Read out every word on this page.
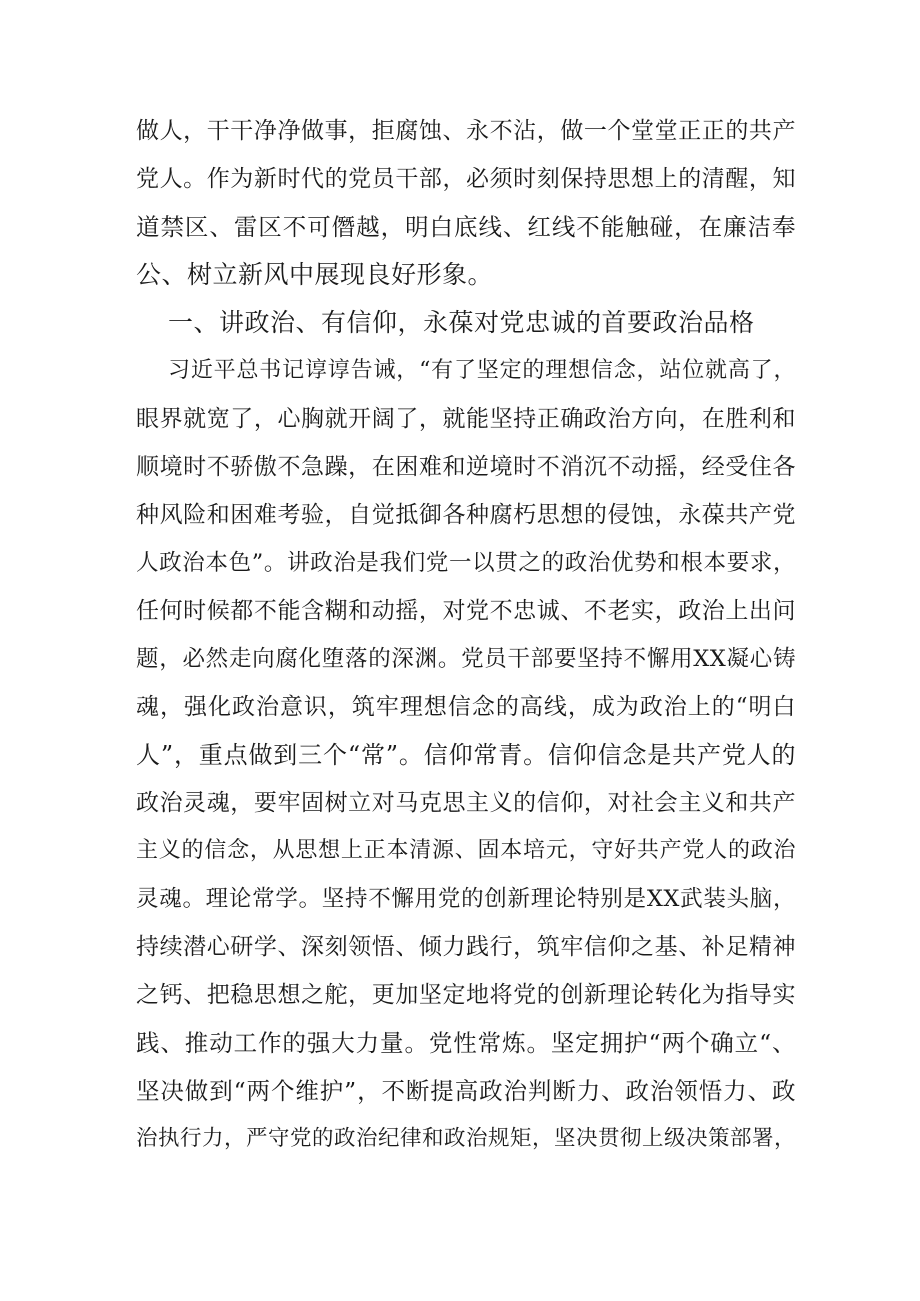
做人，干干净净做事，拒腐蚀、永不沾，做一个堂堂正正的共产
党人。作为新时代的党员干部，必须时刻保持思想上的清醒，知
道禁区、雷区不可僭越，明白底线、红线不能触碰，在廉洁奉
公、树立新风中展现良好形象。
一、讲政治、有信仰，永葆对党忠诚的首要政治品格
习近平总书记谆谆告诫，“有了坚定的理想信念，站位就高了，
眼界就宽了，心胸就开阔了，就能坚持正确政治方向，在胜利和
顺境时不骄傲不急躁，在困难和逆境时不消沉不动摇，经受住各
种风险和困难考验，自觉抵御各种腐朽思想的侵蚀，永葆共产党
人政治本色”。讲政治是我们党一以贯之的政治优势和根本要求，
任何时候都不能含糊和动摇，对党不忠诚、不老实，政治上出问
题，必然走向腐化堕落的深渊。党员干部要坚持不懈用XX凝心铸
魂，强化政治意识，筑牢理想信念的高线，成为政治上的“明白
人”，重点做到三个“常”。信仰常青。信仰信念是共产党人的
政治灵魂，要牢固树立对马克思主义的信仰，对社会主义和共产
主义的信念，从思想上正本清源、固本培元，守好共产党人的政治
灵魂。理论常学。坚持不懈用党的创新理论特别是XX武装头脑，
持续潜心研学、深刻领悟、倾力践行，筑牢信仰之基、补足精神
之钙、把稳思想之舵，更加坚定地将党的创新理论转化为指导实
践、推动工作的强大力量。党性常炼。坚定拥护“两个确立“、
坚决做到“两个维护”，不断提高政治判断力、政治领悟力、政
治执行力，严守党的政治纪律和政治规矩，坚决贯彻上级决策部署，
